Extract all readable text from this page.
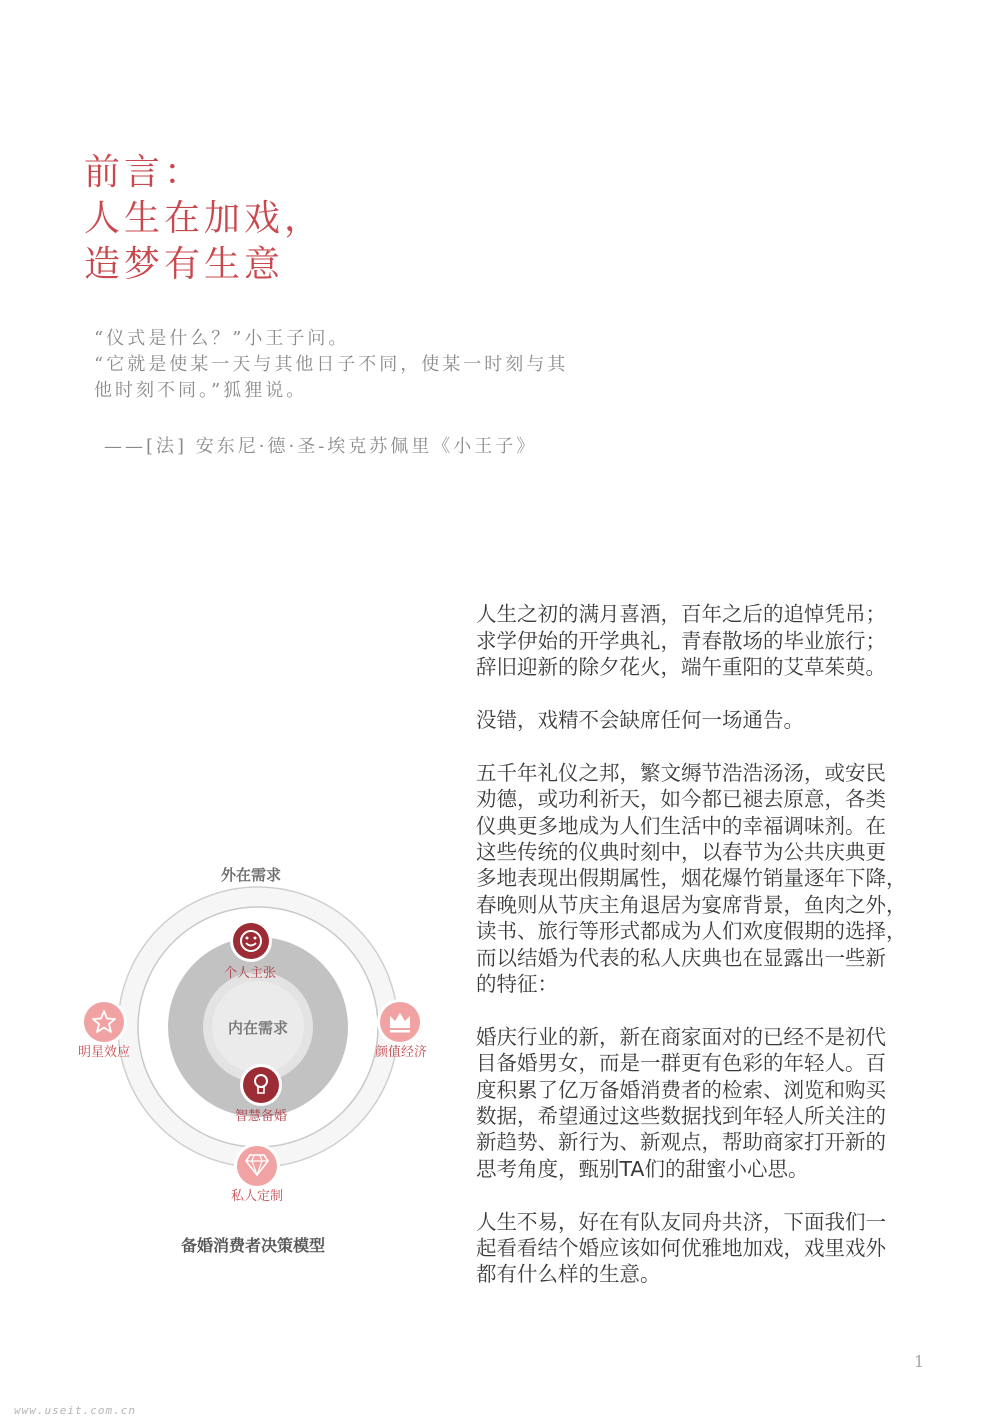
前言：
人生在加戏，
造梦有生意
“仪式是什么？”小王子问。
“它就是使某一天与其他日子不同，使某一时刻与其
他时刻不同。”狐狸说。
——[法] 安东尼·德·圣-埃克苏佩里《小王子》
外在需求
内在需求
个人主张
智慧备婚
明星效应	颜值经济
私人定制
备婚消费者决策模型

人生之初的满月喜酒，百年之后的追悼凭吊；
求学伊始的开学典礼，青春散场的毕业旅行；
辞旧迎新的除夕花火，端午重阳的艾草茱萸。

没错，戏精不会缺席任何一场通告。

五千年礼仪之邦，繁文缛节浩浩汤汤，或安民
劝德，或功利祈天，如今都已褪去原意，各类
仪典更多地成为人们生活中的幸福调味剂。在
这些传统的仪典时刻中，以春节为公共庆典更
多地表现出假期属性，烟花爆竹销量逐年下降，
春晚则从节庆主角退居为宴席背景，鱼肉之外，
读书、旅行等形式都成为人们欢度假期的选择，
而以结婚为代表的私人庆典也在显露出一些新
的特征：

婚庆行业的新，新在商家面对的已经不是初代
目备婚男女，而是一群更有色彩的年轻人。百
度积累了亿万备婚消费者的检索、浏览和购买
数据，希望通过这些数据找到年轻人所关注的
新趋势、新行为、新观点，帮助商家打开新的
思考角度，甄别TA们的甜蜜小心思。

人生不易，好在有队友同舟共济，下面我们一
起看看结个婚应该如何优雅地加戏，戏里戏外
都有什么样的生意。

1
www.useit.com.cn
